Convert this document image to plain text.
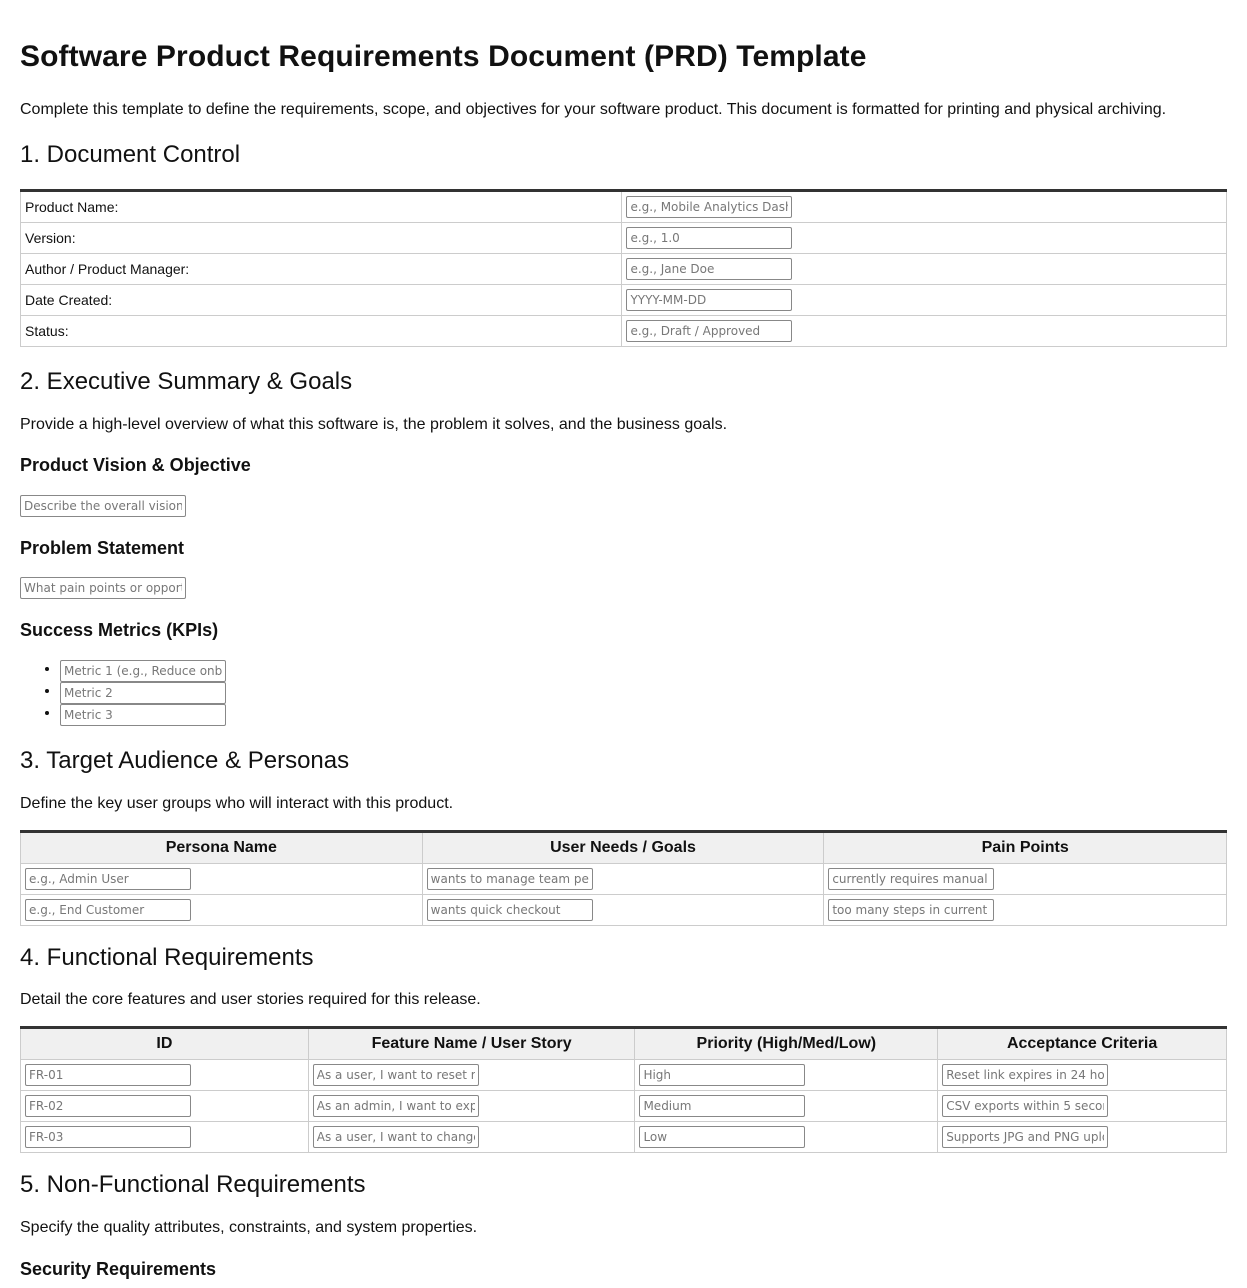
Software Product Requirements Document (PRD) Template
Complete this template to define the requirements, scope, and objectives for your software product. This document is formatted for printing and physical archiving.
1. Document Control
Product Name:	e.g., Mobile Analytics Dashboard
Version:	e.g., 1.0
Author / Product Manager:	e.g., Jane Doe
Date Created:	YYYY-MM-DD
Status:	e.g., Draft / Approved
2. Executive Summary & Goals

Provide a high-level overview of what this software is, the problem it solves, and the business goals.

Product Vision & Objective
Describe the overall vision
Problem Statement
What pain points or opportunities
Success Metrics (KPIs)
• Metric 1 (e.g., Reduce onboarding time)
• Metric 2
• Metric 3
3. Target Audience & Personas

Define the key user groups who will interact with this product.

Persona Name	User Needs / Goals	Pain Points
e.g., Admin User	wants to manage team permissions	currently requires manual configuration
e.g., End Customer	wants quick checkout	too many steps in current flow
4. Functional Requirements

Detail the core features and user stories required for this release.

ID	Feature Name / User Story	Priority (High/Med/Low)	Acceptance Criteria
FR-01	As a user, I want to reset my password	High	Reset link expires in 24 hours
FR-02	As an admin, I want to export reports	Medium	CSV exports within 5 seconds
FR-03	As a user, I want to change my avatar	Low	Supports JPG and PNG uploads
5. Non-Functional Requirements

Specify the quality attributes, constraints, and system properties.

Security Requirements
